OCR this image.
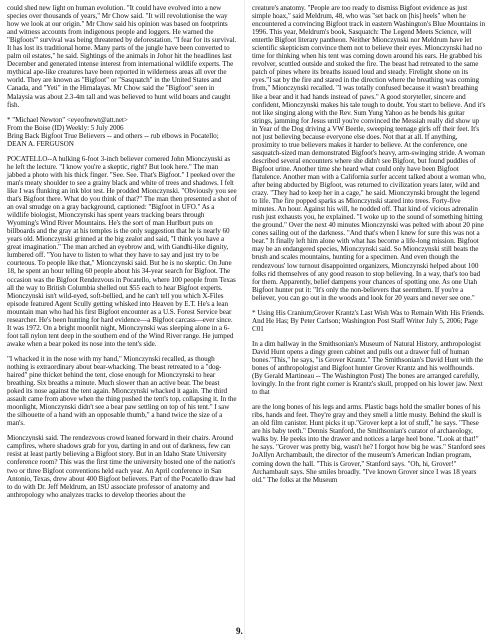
could shed new light on human evolution. "It could have evolved into a new species over thousands of years," Mr Chow said. "It will revolutionise the way how we look at our origin." Mr Chow said his opinion was based on footprints and witness accounts from indigenous people and loggers. He warned the "Bigfoots'" survival was being threatened by deforestation. "I fear for its survival. It has lost its traditional home. Many parts of the jungle have been converted to palm oil estates," he said. Sightings of the animals in Johor hit the headlines last December and generated intense interest from international wildlife experts. The mythical ape-like creatures have been reported in wilderness areas all over the world. They are known as "Bigfoot" or "Sasquatch" in the United States and Canada, and "Yeti" in the Himalayas. Mr Chow said the "Bigfoot" seen in Malaysia was about 2.3-4m tall and was believed to hunt wild boars and caught fish.

* "Michael Newton" <eyeofnewt@att.net>
From the Boise (ID) Weekly: 5 July 2006
Bring Back Bigfoot True Believers -- and others -- rub elbows in Pocatello; DEAN A. FERGUSON

POCATELLO--A hulking 6-foot 3-inch believer cornered John Mionczynski as he left the lecture. "I know you're a skeptic, right? But look here." The man jabbed a photo with his thick finger. "See. See. That's Bigfoot." I peeked over the man's meaty shoulder to see a grainy black and white of trees and shadows. I felt like I was flunking an ink blot test. He prodded Mionczynski. "Obviously you see that's Bigfoot there. What do you think of that?" The man then presented a shot of an oval smudge on a gray background, captioned: "Bigfoot in UFO." As a wildlife biologist, Mionczynski has spent years tracking bears through Wyoming's Wind River Mountains. He's the sort of man Hurlburt puts on billboards and the gray at his temples is the only suggestion that he is nearly 60 years old. Mionczynski grinned at the big zealot and said, "I think you have a great imagination." The man arched an eyebrow and, with Gandhi-like dignity, lumbered off. "You have to listen to what they have to say and just try to be courteous. To people like that," Mionczynski said. But he is no skeptic. On June 18, he spent an hour telling 60 people about his 34-year search for Bigfoot. The occasion was the Bigfoot Rendezvous in Pocatello, where 100 people from Texas all the way to British Columbia shelled out $55 each to hear Bigfoot experts. Mionczynski isn't wild-eyed, soft-bellied, and he can't tell you which X-Files episode featured Agent Scully getting whisked into Heaven by E.T. He's a lean mountain man who had his first Bigfoot encounter as a U.S. Forest Service bear researcher. He's been hunting for hard evidence—a Bigfoot carcass—ever since. It was 1972. On a bright moonlit night, Mionczynski was sleeping alone in a 6-foot tall nylon tent deep in the southern end of the Wind River range. He jumped awake when a bear poked its nose into the tent's side.

"I whacked it in the nose with my hand," Mionczynski recalled, as though nothing is extraordinary about bear-whacking. The beast retreated to a "dog-haired" pine thicket behind the tent, close enough for Mionczynski to hear breathing. Six breaths a minute. Much slower than an active bear. The beast poked its nose against the tent again. Mionczynski whacked it again. The third assault came from above when the thing pushed the tent's top, collapsing it. In the moonlight, Mionczynski didn't see a bear paw settling on top of his tent." I saw the silhouette of a hand with an opposable thumb," a hand twice the size of a man's.

Mionczynski said. The rendezvous crowd leaned forward in their chairs. Around campfires, where shadows grab for you, darting in and out of darkness, few can resist at least partly believing a Bigfoot story. But in an Idaho State University conference room? This was the first time the university hosted one of the nation's two or three Bigfoot conventions held each year. An April conference in San Antonio, Texas, drew about 400 Bigfoot believers. Part of the Pocatello draw had to do with Dr. Jeff Meldrum, an ISU associate professor of anatomy and anthropology who analyzes tracks to develop theories about the

creature's anatomy. "People are too ready to dismiss Bigfoot evidence as just simple hoax," said Meldrum, 48, who was "set back on [his] heels" when he encountered a convincing Bigfoot track in eastern Washington's Blue Mountains in 1996. This year, Meldrum's book, Sasquatch: The Legend Meets Science, will entertle Bigfoot literary pantheon. Neither Mionczynski nor Meldrum have let scientific skepticism convince them not to believe their eyes. Mionczynski had no time for thinking when his tent was coming down around his ears. He grabbed his revolver, scuttled outside and stoked the fire. The beast had retreated to the same patch of pines where its breaths issued loud and steady. Firelight shone on its eyes."I sat by the fire and stared in the direction where the breathing was coming from," Mionczynski recalled. "I was totally confused because it wasn't breathing like a bear and it had hands instead of paws." A good storyteller, sincere and confident, Mionczynski makes his tale tough to doubt. You start to believe. And it's not like singing along with the Rev. Sum Yung Yahoo as he bends his guitar strings, jamming for Jesus until you're convinced the Messiah really did show up in Year of the Dog driving a VW Beetle, sweeping teenage girls off their feet. It's not just believing because everyone else does. Not that at all. If anything, proximity to true believers makes it harder to believe. At the conference, one sasquatch-sized man demonstrated Bigfoot's heavy, arm-swinging stride. A woman described several encounters where she didn't see Bigfoot, but found puddles of Bigfoot urine. Another time she heard what could only have been Bigfoot flatulence. Another man with a California surfer accent talked about a woman who, after being abducted by Bigfoot, was returned to civilization years later, wild and crazy. "They had to keep her in a cage," he said. Mionczynski brought the legend to life. The fire popped sparks as Mionczynski stared into trees. Forty-five minutes. An hour. Against his will, he nodded off. That kind of vicious adrenalin rush just exhausts you, he explained. "I woke up to the sound of something hitting the ground." Over the next 40 minutes Mionczynski was pelted with about 20 pine cones sailing out of the darkness. "And that's when I knew for sure this was not a bear." It finally left him alone with what has become a life-long mission. Bigfoot may be an endangered species, Mionczynski said. So Mionczynski still beats the brush and scales mountains, hunting for a specimen. And even though the rendezvous' low turnout disappointed organizers, Mionczynski helped about 100 folks rid themselves of any good reason to stop believing. In a way, that's too bad for them. Apparently, belief dampens your chances of spotting one. As one Utah Bigfoot hunter put it: "It's only the non-believers that seemthem. If you're a believer, you can go out in the woods and look for 20 years and never see one."

* Using His Cranium;Grover Krantz's Last Wish Was to Remain With His Friends. And He Has; By Peter Carlson; Washington Post Staff Writer July 5, 2006; Page C01

In a dim hallway in the Smithsonian's Museum of Natural History, anthropologist David Hunt opens a dingy green cabinet and pulls out a drawer full of human bones."This," he says, "is Grover Krantz." The Smithsonian's David Hunt with the bones of anthropologist and Bigfoot hunter Grover Krantz and his wolfhounds. (By Gerald Martineau -- The Washington Post) The bones are arranged carefully, lovingly. In the front right corner is Krantz's skull, propped on his lower jaw. Next to that

are the long bones of his legs and arms. Plastic bags hold the smaller bones of his ribs, hands and feet. They're gray and they smell a little musty. Behind the skull is an old film canister. Hunt picks it up."Grover kept a lot of stuff," he says. "These are his baby teeth." Dennis Stanford, the Smithsonian's curator of archaeology, walks by. He peeks into the drawer and notices a large heel bone. "Look at that!" he says. "Grover was pretty big, wasn't he? I forgot how big he was." Stanford sees JoAllyn Archambault, the director of the museum's American Indian program, coming down the hall. "This is Grover," Stanford says. "Oh, hi, Grover!" Archambault says. She smiles broadly. "I've known Grover since I was 18 years old." The folks at the Museum

9.
